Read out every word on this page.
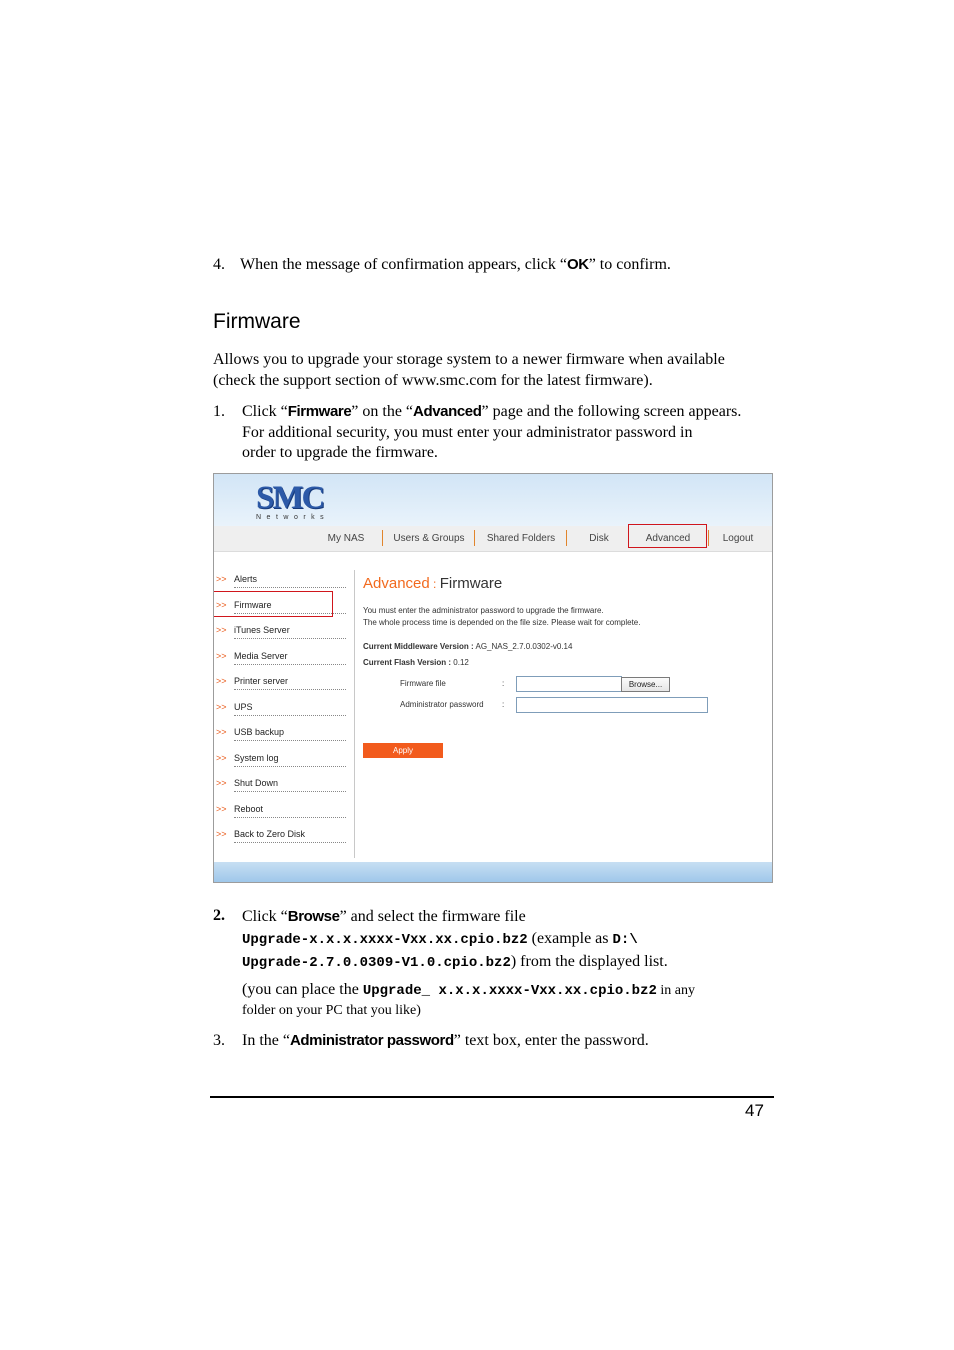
4. When the message of confirmation appears, click “OK” to confirm.
Firmware
Allows you to upgrade your storage system to a newer firmware when available
(check the support section of www.smc.com for the latest firmware).
1.	Click “Firmware” on the “Advanced” page and the following screen appears.
For additional security, you must enter your administrator password in
order to upgrade the firmware.
SMC
Networks
My NAS	Users & Groups	Shared Folders	Disk	Advanced	Logout
>> Alerts
>> Firmware
>> iTunes Server
>> Media Server
>> Printer server
>> UPS
>> USB backup
>> System log
>> Shut Down
>> Reboot
>> Back to Zero Disk
Advanced : Firmware
You must enter the administrator password to upgrade the firmware.
The whole process time is depended on the file size. Please wait for complete.
Current Middleware Version : AG_NAS_2.7.0.0302-v0.14
Current Flash Version : 0.12
Firmware file	:	Browse...
Administrator password :
Apply
2.	Click “Browse” and select the firmware file
Upgrade-x.x.x.xxxx-Vxx.xx.cpio.bz2 (example as D:\
Upgrade-2.7.0.0309-V1.0.cpio.bz2) from the displayed list.
(you can place the Upgrade_ x.x.x.xxxx-Vxx.xx.cpio.bz2 in any
folder on your PC that you like)
3.	In the “Administrator password” text box, enter the password.
47
